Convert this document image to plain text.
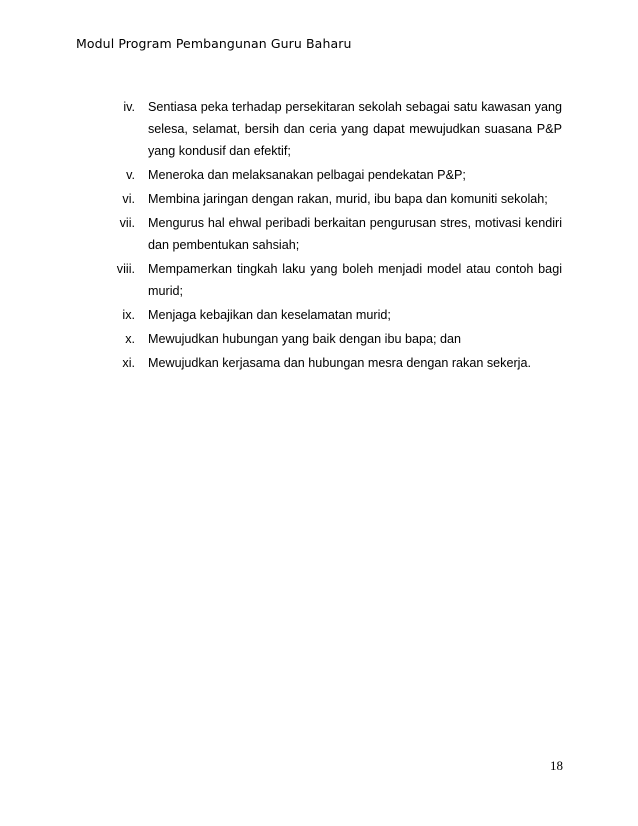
Modul Program Pembangunan Guru Baharu
iv. Sentiasa peka terhadap persekitaran sekolah sebagai satu kawasan yang selesa, selamat, bersih dan ceria yang dapat mewujudkan suasana P&P yang kondusif dan efektif;
v. Meneroka dan melaksanakan pelbagai pendekatan P&P;
vi. Membina jaringan dengan rakan, murid, ibu bapa dan komuniti sekolah;
vii. Mengurus hal ehwal peribadi berkaitan pengurusan stres, motivasi kendiri dan pembentukan sahsiah;
viii. Mempamerkan tingkah laku yang boleh menjadi model atau contoh bagi murid;
ix. Menjaga kebajikan dan keselamatan murid;
x. Mewujudkan hubungan yang baik dengan ibu bapa; dan
xi. Mewujudkan kerjasama dan hubungan mesra dengan rakan sekerja.
18
